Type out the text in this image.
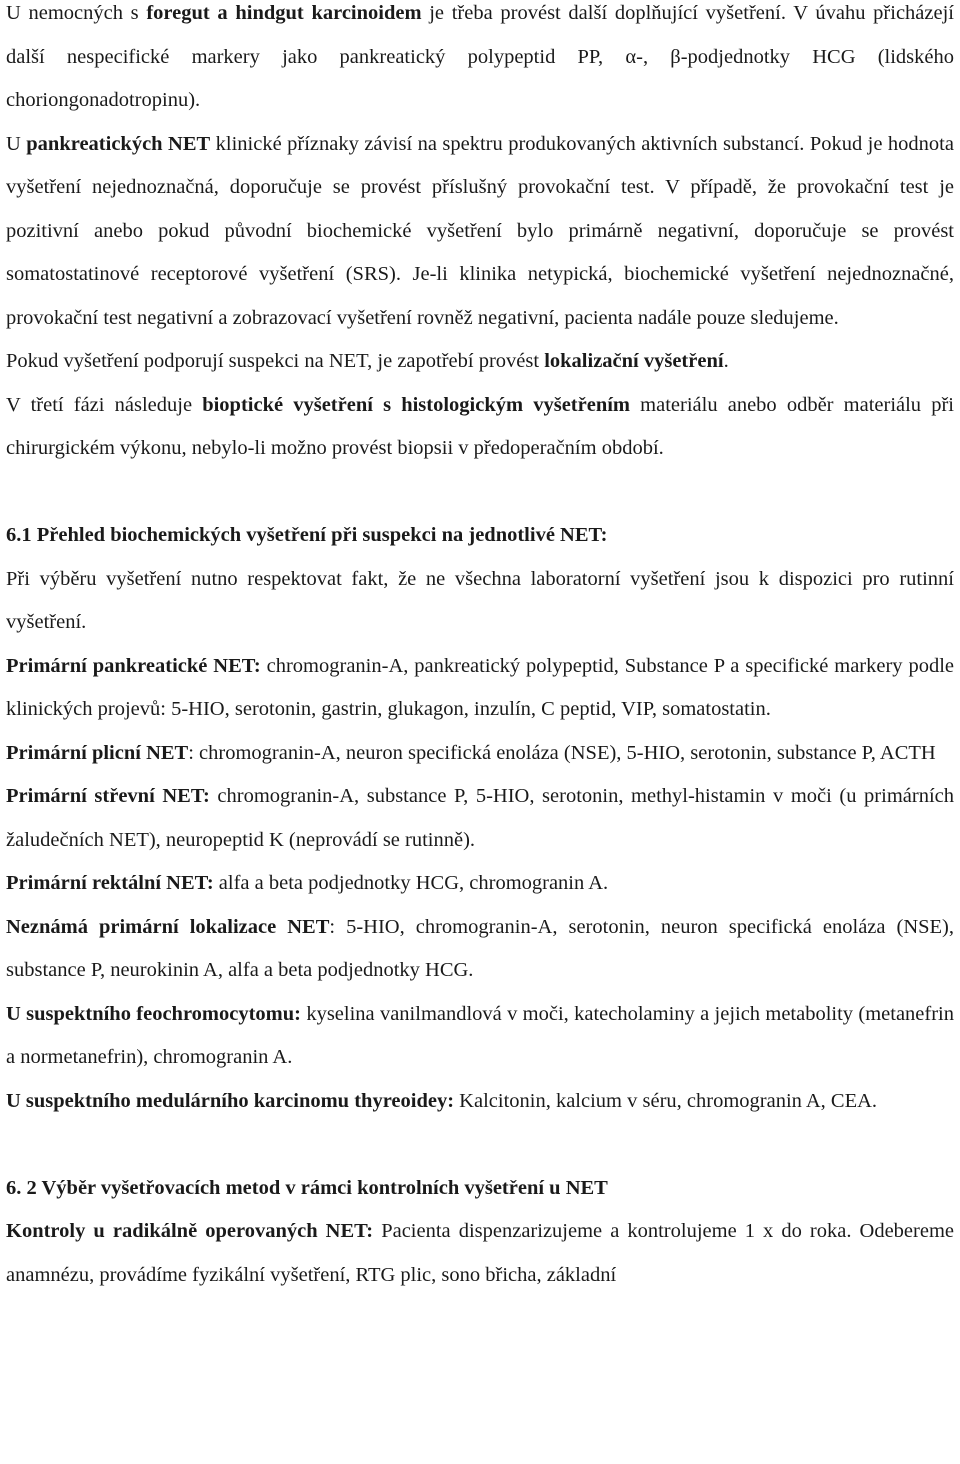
U nemocných s foregut a hindgut karcinoidem je třeba provést další doplňující vyšetření. V úvahu přicházejí další nespecifické markery jako pankreatický polypeptid PP, α-, β-podjednotky HCG (lidského choriongonadotropinu).

U pankreatických NET klinické příznaky závisí na spektru produkovaných aktivních substancí. Pokud je hodnota vyšetření nejednoznačná, doporučuje se provést příslušný provokační test. V případě, že provokační test je pozitivní anebo pokud původní biochemické vyšetření bylo primárně negativní, doporučuje se provést somatostatinové receptorové vyšetření (SRS). Je-li klinika netypická, biochemické vyšetření nejednoznačné, provokační test negativní a zobrazovací vyšetření rovněž negativní, pacienta nadále pouze sledujeme.

Pokud vyšetření podporují suspekci na NET, je zapotřebí provést lokalizační vyšetření.

V třetí fázi následuje bioptické vyšetření s histologickým vyšetřením materiálu anebo odběr materiálu při chirurgickém výkonu, nebylo-li možno provést biopsii v předoperačním období.

6.1 Přehled biochemických vyšetření při suspekci na jednotlivé NET:

Při výběru vyšetření nutno respektovat fakt, že ne všechna laboratorní vyšetření jsou k dispozici pro rutinní vyšetření.

Primární pankreatické NET: chromogranin-A, pankreatický polypeptid, Substance P a specifické markery podle klinických projevů: 5-HIO, serotonin, gastrin, glukagon, inzulín, C peptid, VIP, somatostatin.

Primární plicní NET: chromogranin-A, neuron specifická enoláza (NSE), 5-HIO, serotonin, substance P, ACTH

Primární střevní NET: chromogranin-A, substance P, 5-HIO, serotonin, methyl-histamin v moči (u primárních žaludečních NET), neuropeptid K (neprovádí se rutinně).

Primární rektální NET: alfa a beta podjednotky HCG, chromogranin A.

Neznámá primární lokalizace NET: 5-HIO, chromogranin-A, serotonin, neuron specifická enoláza (NSE), substance P, neurokinin A, alfa a beta podjednotky HCG.

U suspektního feochromocytomu: kyselina vanilmandlová v moči, katecholaminy a jejich metabolity (metanefrin a normetanefrin), chromogranin A.

U suspektního medulárního karcinomu thyreoidey: Kalcitonin, kalcium v séru, chromogranin A, CEA.

6. 2 Výběr vyšetřovacích metod v rámci kontrolních vyšetření u NET

Kontroly u radikálně operovaných NET: Pacienta dispenzarizujeme a kontrolujeme 1 x do roka. Odebereme anamnézu, provádíme fyzikální vyšetření, RTG plic, sono břicha, základní
